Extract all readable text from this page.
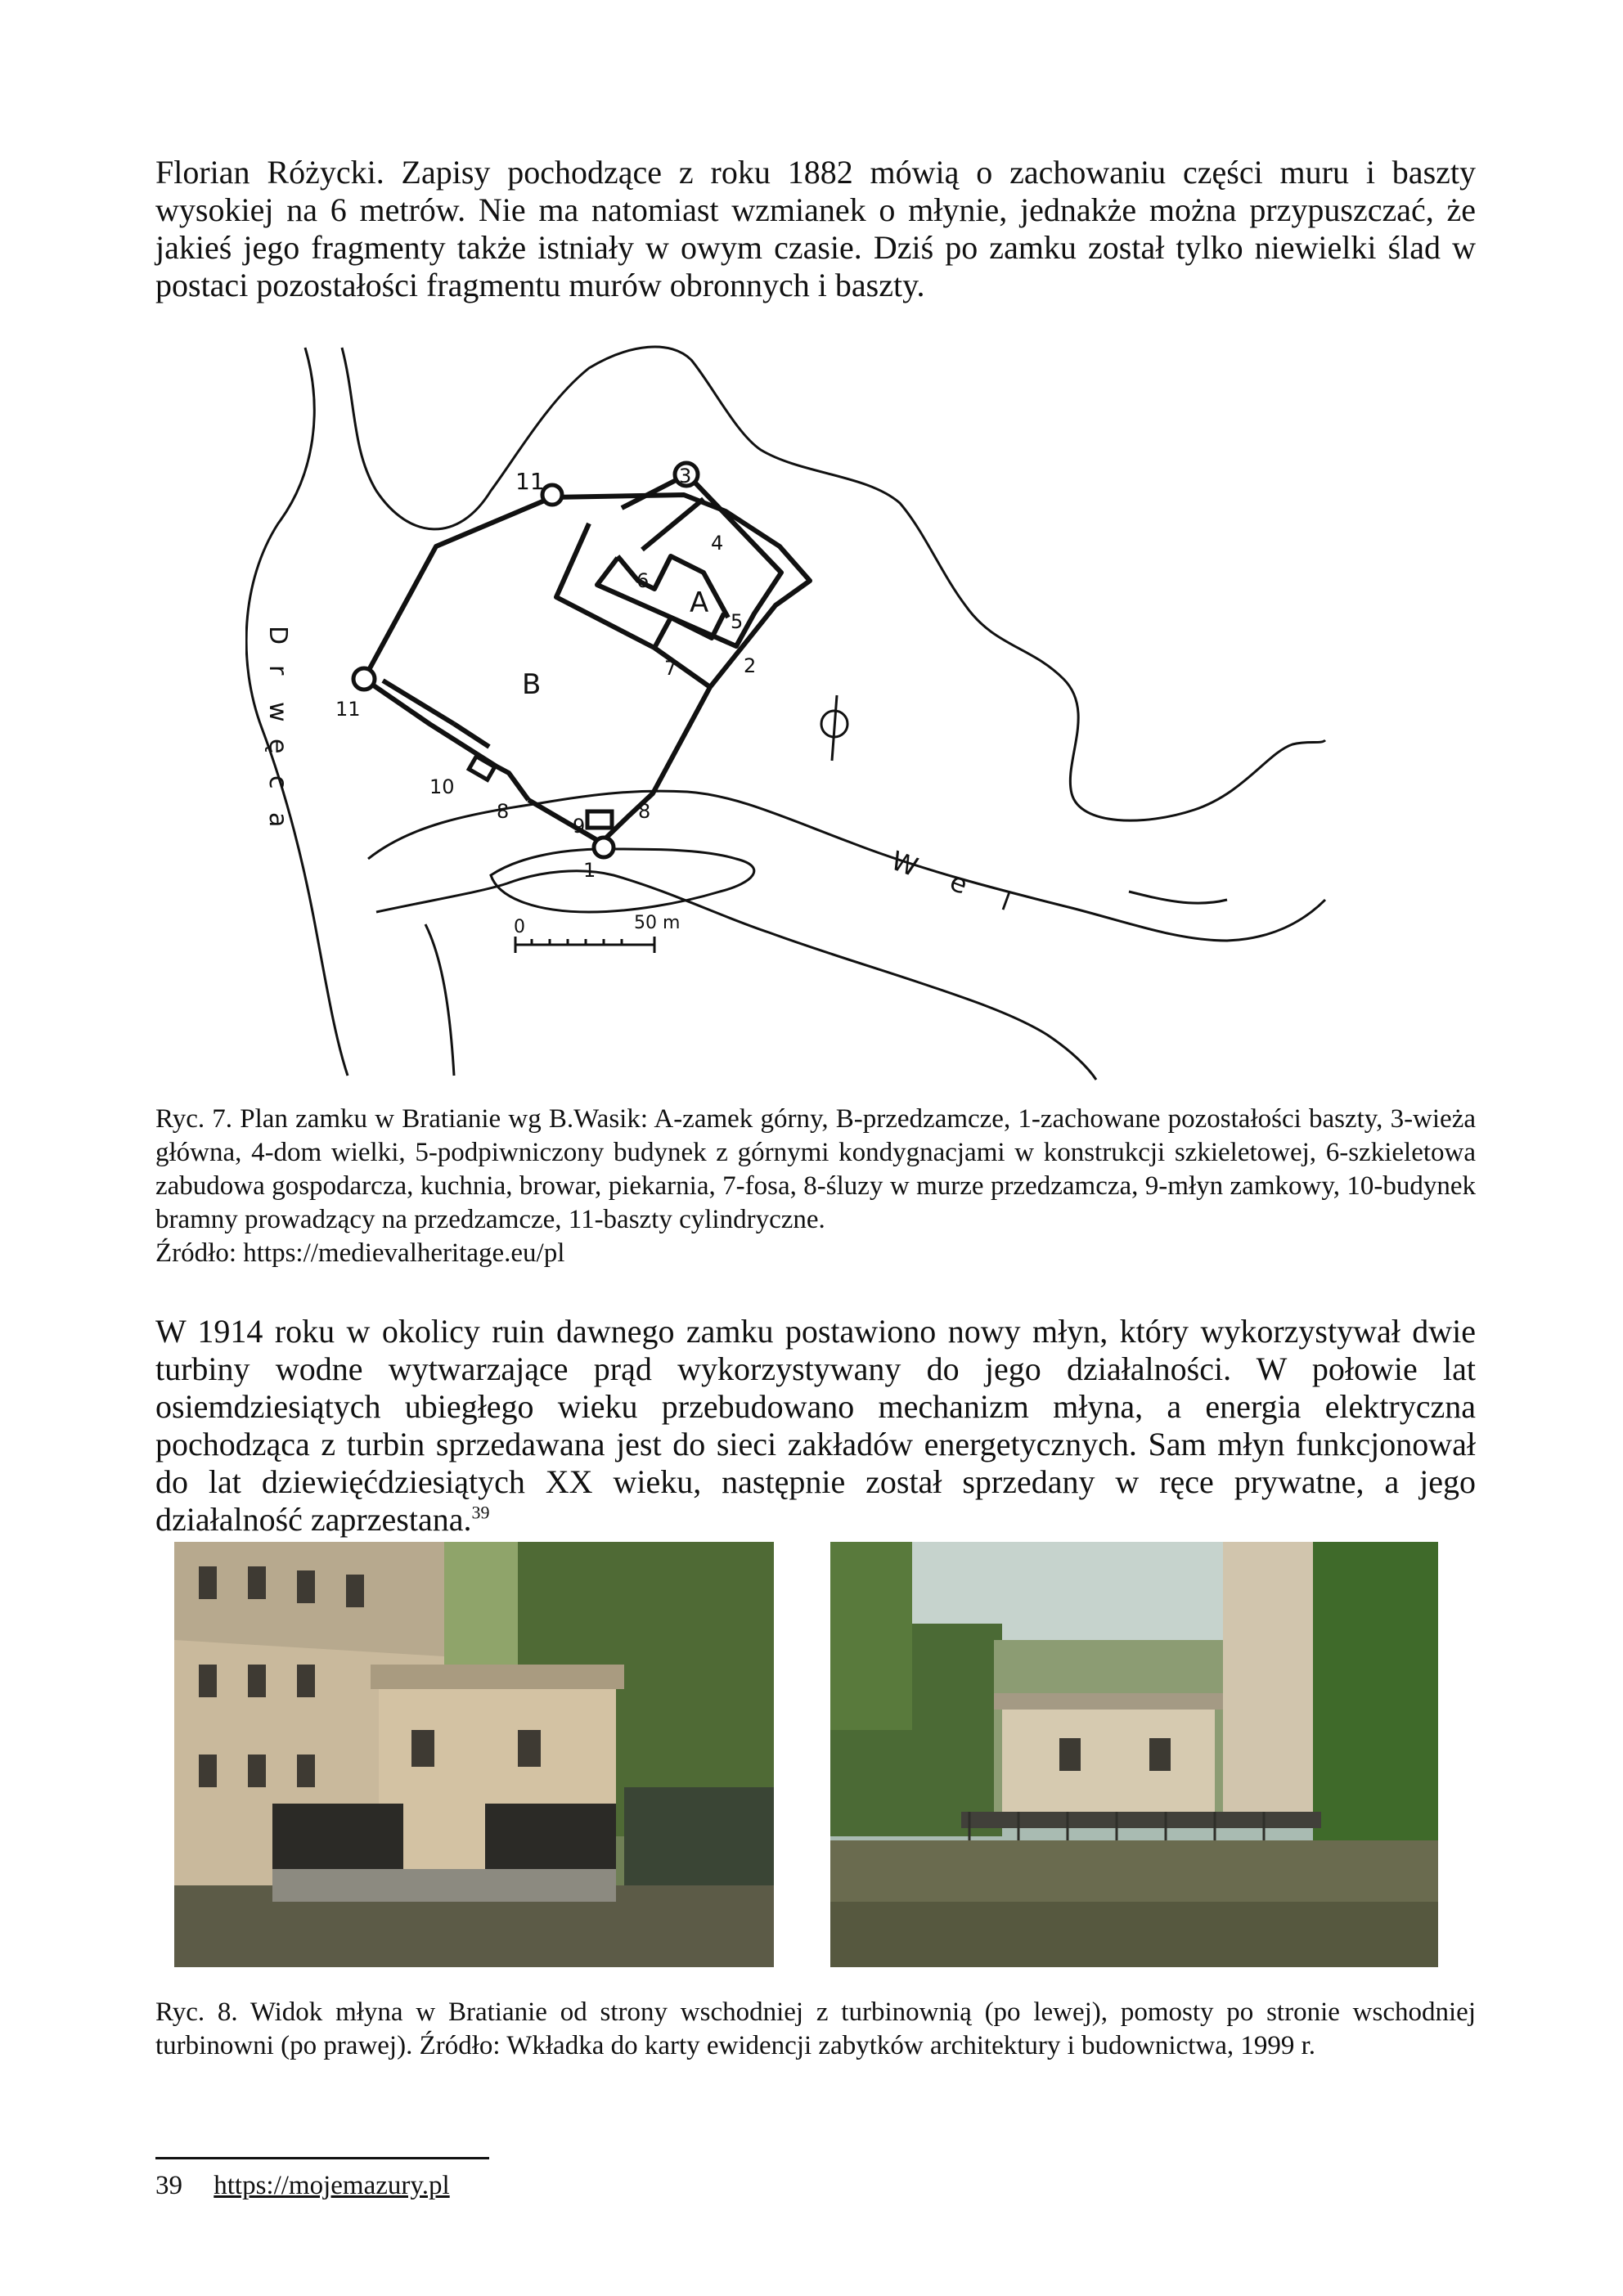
Florian Różycki. Zapisy pochodzące z roku 1882 mówią o zachowaniu części muru i baszty wysokiej na 6 metrów. Nie ma natomiast wzmianek o młynie, jednakże można przypuszczać, że jakieś jego fragmenty także istniały w owym czasie. Dziś po zamku został tylko niewielki ślad w postaci pozostałości fragmentu murów obronnych i baszty.

11	3
4
6
A
5
2
7
B
11
10
8	8
9
1
0	50 m
D
r
w
ę
c
a
W
e
l

Ryc. 7. Plan zamku w Bratianie wg B.Wasik: A-zamek górny, B-przedzamcze, 1-zachowane pozostałości baszty, 3-wieża główna, 4-dom wielki, 5-podpiwniczony budynek z górnymi kondygnacjami w konstrukcji szkieletowej, 6-szkieletowa zabudowa gospodarcza, kuchnia, browar, piekarnia, 7-fosa, 8-śluzy w murze przedzamcza, 9-młyn zamkowy, 10-budynek bramny prowadzący na przedzamcze, 11-baszty cylindryczne.

Źródło: https://medievalheritage.eu/pl

W 1914 roku w okolicy ruin dawnego zamku postawiono nowy młyn, który wykorzystywał dwie turbiny wodne wytwarzające prąd wykorzystywany do jego działalności. W połowie lat osiemdziesiątych ubiegłego wieku przebudowano mechanizm młyna, a energia elektryczna pochodząca z turbin sprzedawana jest do sieci zakładów energetycznych. Sam młyn funkcjonował do lat dziewięćdziesiątych XX wieku, następnie został sprzedany w ręce prywatne, a jego działalność zaprzestana.$^{39}$

Ryc. 8. Widok młyna w Bratianie od strony wschodniej z turbinownią (po lewej), pomosty po stronie wschodniej turbinowni (po prawej). Źródło: Wkładka do karty ewidencji zabytków architektury i budownictwa, 1999 r.

39 https://mojemazury.pl
